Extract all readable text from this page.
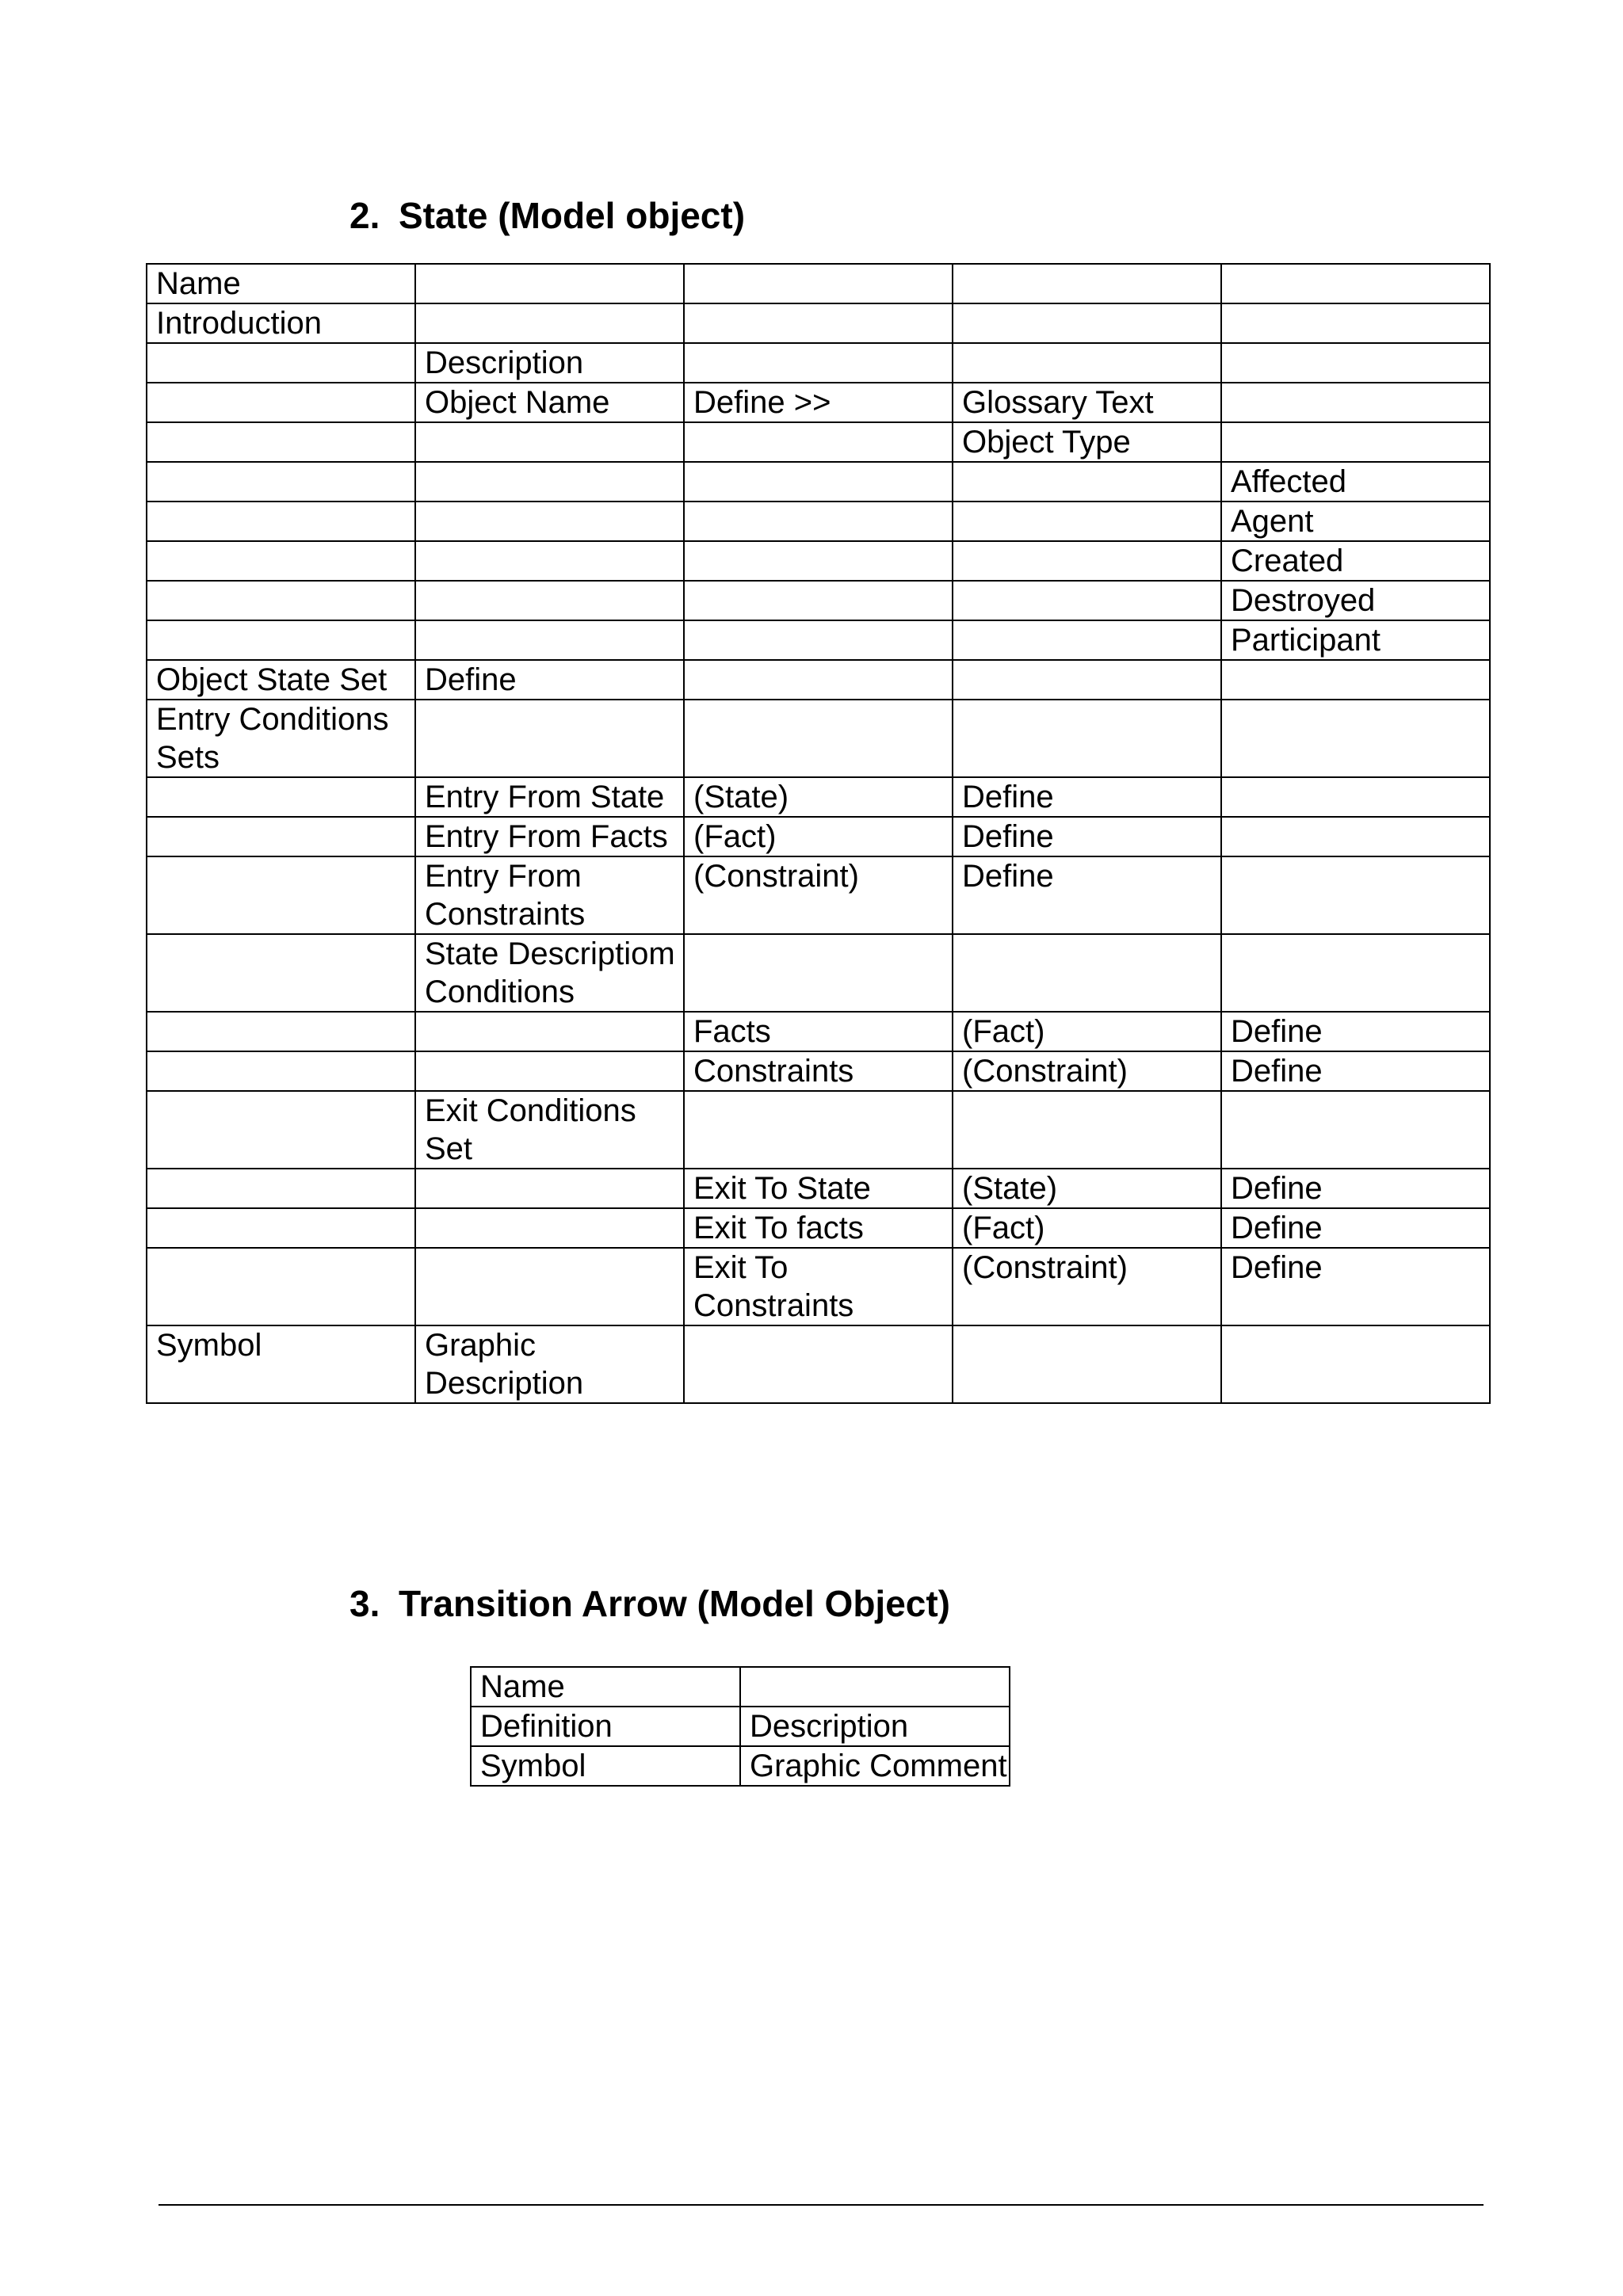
2. State (Model object)
Name				
Introduction				
	Description			
	Object Name	Define >>	Glossary Text	
			Object Type	
				Affected
				Agent
				Created
				Destroyed
				Participant
Object State Set	Define			
Entry Conditions Sets				
	Entry From State	(State)	Define	
	Entry From Facts	(Fact)	Define	
	Entry From Constraints	(Constraint)	Define	
	State Descriptiom Conditions			
		Facts	(Fact)	Define
		Constraints	(Constraint)	Define
	Exit Conditions Set			
		Exit To State	(State)	Define
		Exit To facts	(Fact)	Define
		Exit To Constraints	(Constraint)	Define
Symbol	Graphic Description			
3. Transition Arrow (Model Object)
Name	
Definition	Description
Symbol	Graphic Comment
